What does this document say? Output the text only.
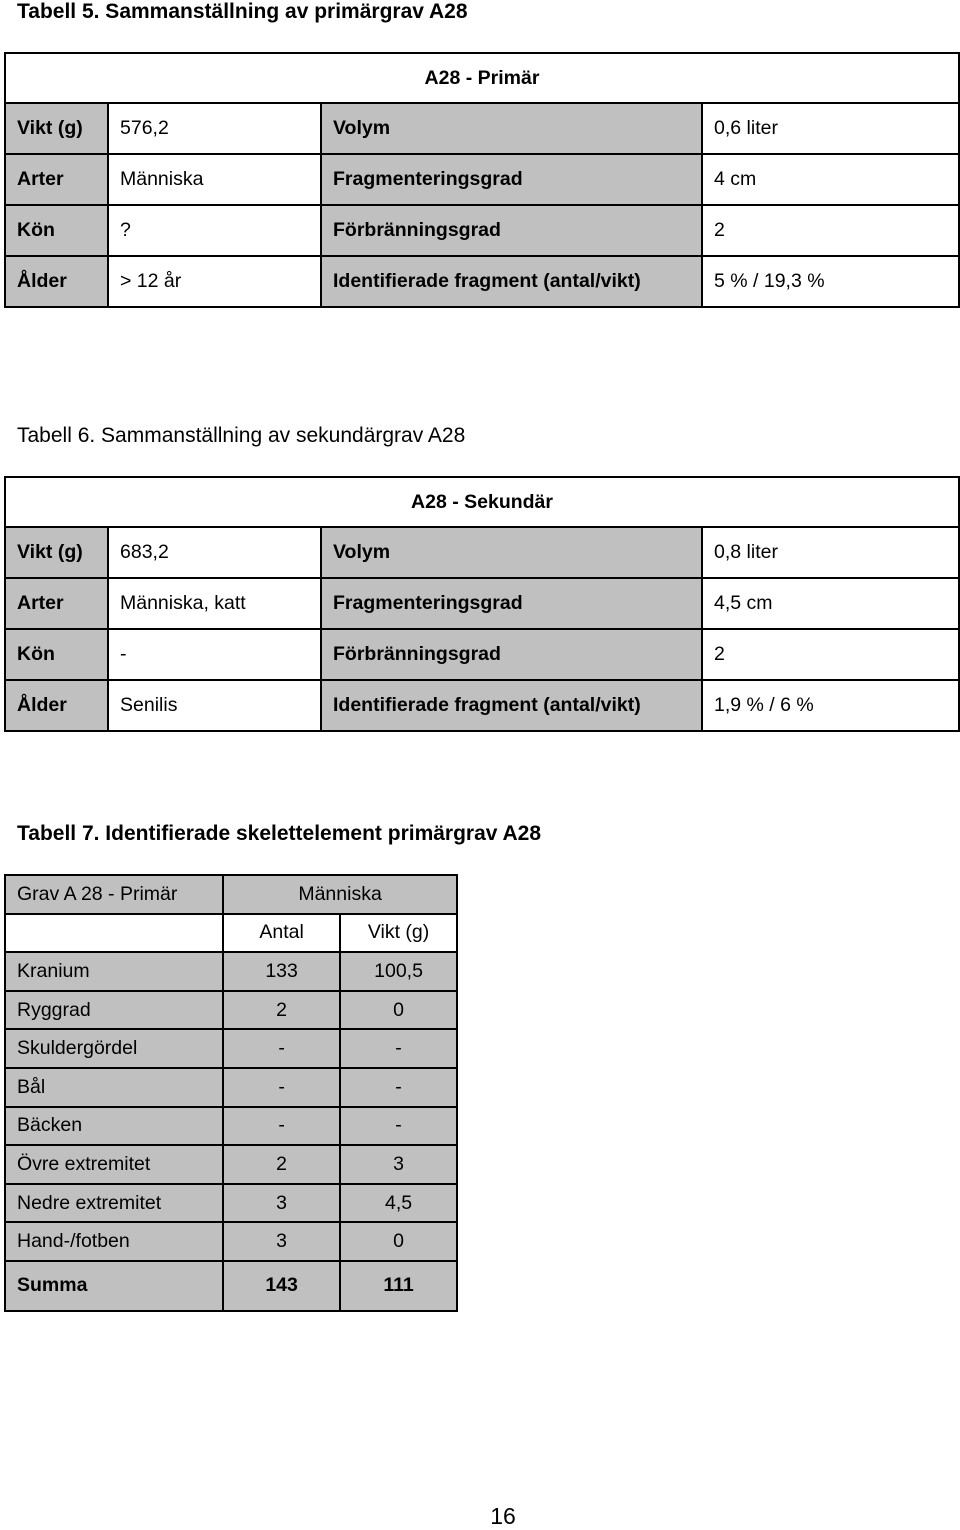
Tabell 5. Sammanställning av primärgrav A28
A28 - Primär			
Vikt (g)	576,2	Volym	0,6 liter
Arter	Människa	Fragmenteringsgrad	4 cm
Kön	?	Förbränningsgrad	2
Ålder	> 12 år	Identifierade fragment (antal/vikt)	5 % / 19,3 %
Tabell 6. Sammanställning av sekundärgrav A28
A28 - Sekundär			
Vikt (g)	683,2	Volym	0,8 liter
Arter	Människa, katt	Fragmenteringsgrad	4,5 cm
Kön	-	Förbränningsgrad	2
Ålder	Senilis	Identifierade fragment (antal/vikt)	1,9 % / 6 %
Tabell 7. Identifierade skelettelement primärgrav A28
Grav A 28 - Primär	Människa	
	Antal	Vikt (g)
Kranium	133	100,5
Ryggrad	2	0
Skuldergördel	-	-
Bål	-	-
Bäcken	-	-
Övre extremitet	2	3
Nedre extremitet	3	4,5
Hand-/fotben	3	0
Summa	143	111
16
